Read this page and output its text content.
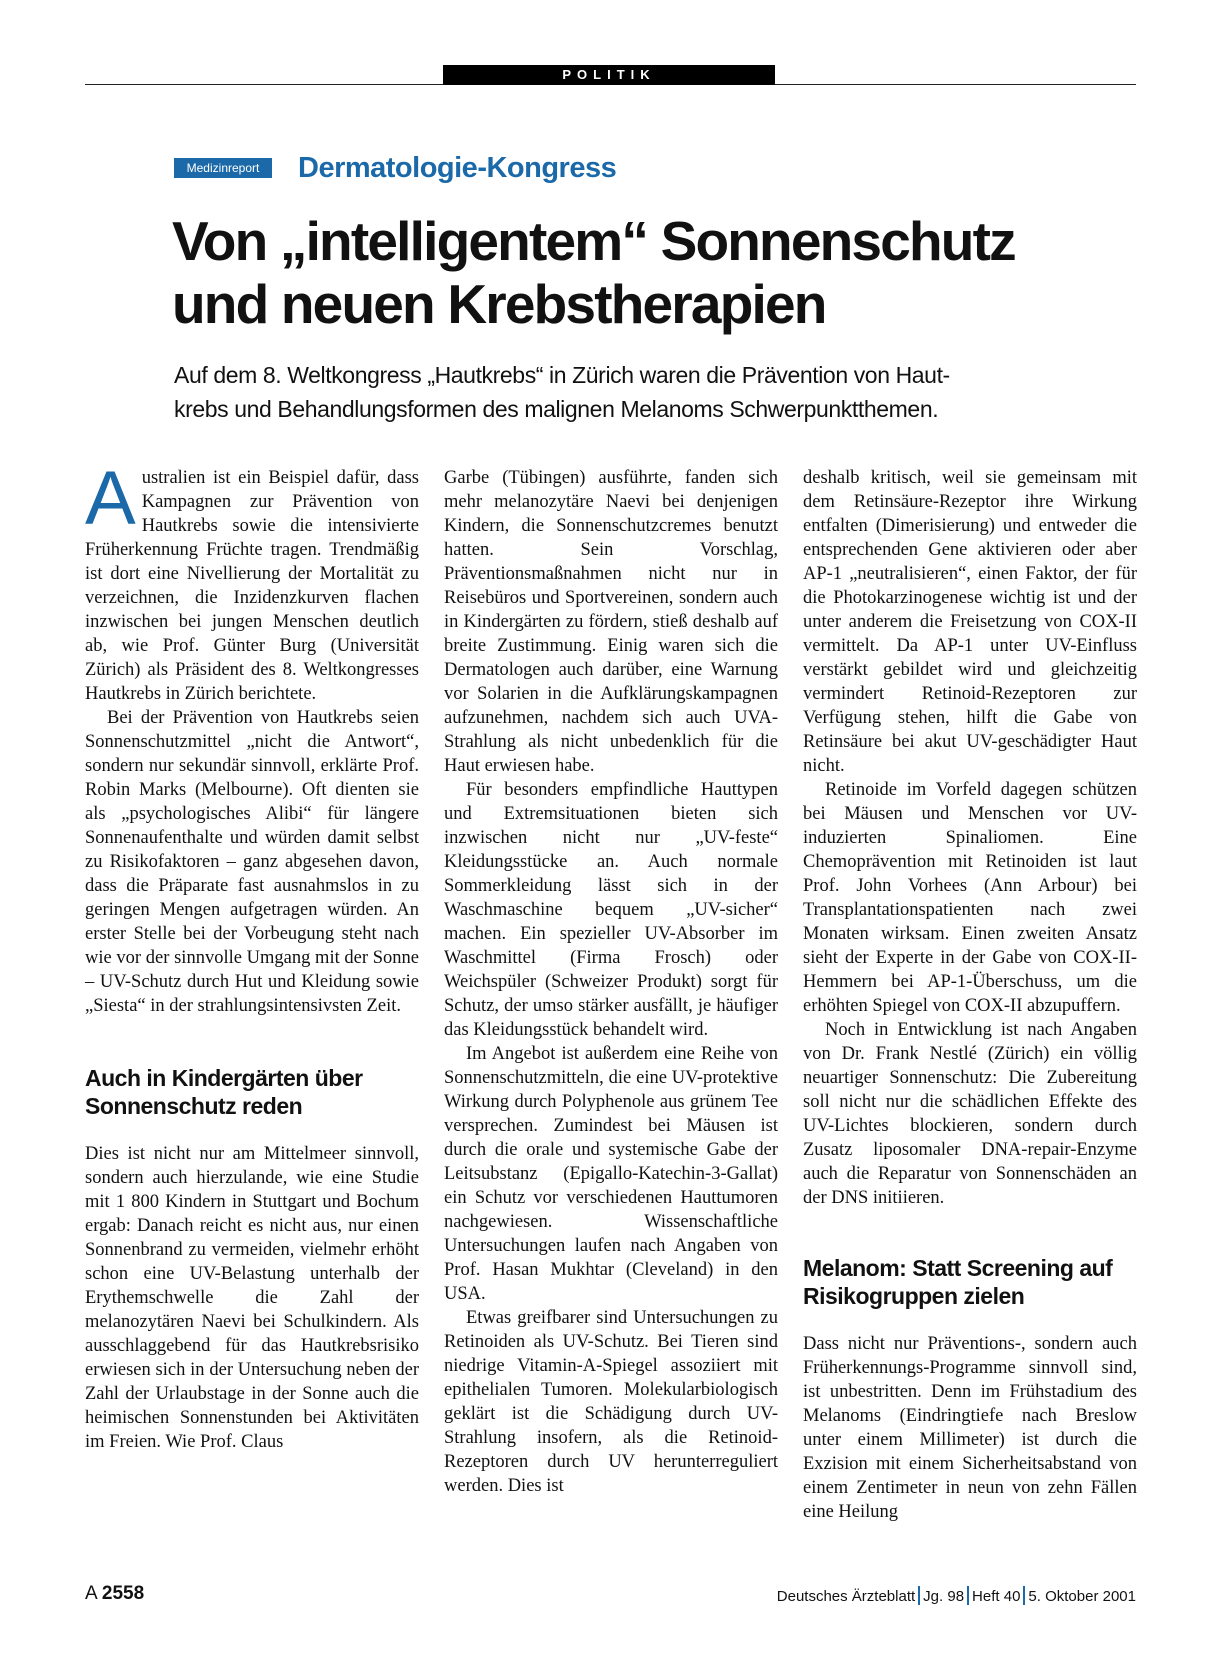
POLITIK
Medizinreport	Dermatologie-Kongress
Von „intelligentem“ Sonnenschutz
und neuen Krebstherapien

Auf dem 8. Weltkongress „Hautkrebs“ in Zürich waren die Prävention von Haut-
krebs und Behandlungsformen des malignen Melanoms Schwerpunktthemen.

Australien ist ein Beispiel dafür, dass Kampagnen zur Prävention von Hautkrebs sowie die intensivierte Früherkennung Früchte tragen. Trendmäßig ist dort eine Nivellierung der Mortalität zu verzeichnen, die Inzidenzkurven flachen inzwischen bei jungen Menschen deutlich ab, wie Prof. Günter Burg (Universität Zürich) als Präsident des 8. Weltkongresses Hautkrebs in Zürich berichtete.

Bei der Prävention von Hautkrebs seien Sonnenschutzmittel „nicht die Antwort“, sondern nur sekundär sinnvoll, erklärte Prof. Robin Marks (Melbourne). Oft dienten sie als „psychologisches Alibi“ für längere Sonnenaufenthalte und würden damit selbst zu Risikofaktoren – ganz abgesehen davon, dass die Präparate fast ausnahmslos in zu geringen Mengen aufgetragen würden. An erster Stelle bei der Vorbeugung steht nach wie vor der sinnvolle Umgang mit der Sonne – UV-Schutz durch Hut und Kleidung sowie „Siesta“ in der strahlungsintensivsten Zeit.

Auch in Kindergärten über Sonnenschutz reden

Dies ist nicht nur am Mittelmeer sinnvoll, sondern auch hierzulande, wie eine Studie mit 1 800 Kindern in Stuttgart und Bochum ergab: Danach reicht es nicht aus, nur einen Sonnenbrand zu vermeiden, vielmehr erhöht schon eine UV-Belastung unterhalb der Erythemschwelle die Zahl der melanozytären Naevi bei Schulkindern. Als ausschlaggebend für das Hautkrebsrisiko erwiesen sich in der Untersuchung neben der Zahl der Urlaubstage in der Sonne auch die heimischen Sonnenstunden bei Aktivitäten im Freien. Wie Prof. Claus

Garbe (Tübingen) ausführte, fanden sich mehr melanozytäre Naevi bei denjenigen Kindern, die Sonnenschutzcremes benutzt hatten. Sein Vorschlag, Präventionsmaßnahmen nicht nur in Reisebüros und Sportvereinen, sondern auch in Kindergärten zu fördern, stieß deshalb auf breite Zustimmung. Einig waren sich die Dermatologen auch darüber, eine Warnung vor Solarien in die Aufklärungskampagnen aufzunehmen, nachdem sich auch UVA-Strahlung als nicht unbedenklich für die Haut erwiesen habe.

Für besonders empfindliche Hauttypen und Extremsituationen bieten sich inzwischen nicht nur „UV-feste“ Kleidungsstücke an. Auch normale Sommerkleidung lässt sich in der Waschmaschine bequem „UV-sicher“ machen. Ein spezieller UV-Absorber im Waschmittel (Firma Frosch) oder Weichspüler (Schweizer Produkt) sorgt für Schutz, der umso stärker ausfällt, je häufiger das Kleidungsstück behandelt wird.

Im Angebot ist außerdem eine Reihe von Sonnenschutzmitteln, die eine UV-protektive Wirkung durch Polyphenole aus grünem Tee versprechen. Zumindest bei Mäusen ist durch die orale und systemische Gabe der Leitsubstanz (Epigallo-Katechin-3-Gallat) ein Schutz vor verschiedenen Hauttumoren nachgewiesen. Wissenschaftliche Untersuchungen laufen nach Angaben von Prof. Hasan Mukhtar (Cleveland) in den USA.

Etwas greifbarer sind Untersuchungen zu Retinoiden als UV-Schutz. Bei Tieren sind niedrige Vitamin-A-Spiegel assoziiert mit epithelialen Tumoren. Molekularbiologisch geklärt ist die Schädigung durch UV-Strahlung insofern, als die Retinoid-Rezeptoren durch UV herunterreguliert werden. Dies ist

deshalb kritisch, weil sie gemeinsam mit dem Retinsäure-Rezeptor ihre Wirkung entfalten (Dimerisierung) und entweder die entsprechenden Gene aktivieren oder aber AP-1 „neutralisieren“, einen Faktor, der für die Photokarzinogenese wichtig ist und der unter anderem die Freisetzung von COX-II vermittelt. Da AP-1 unter UV-Einfluss verstärkt gebildet wird und gleichzeitig vermindert Retinoid-Rezeptoren zur Verfügung stehen, hilft die Gabe von Retinsäure bei akut UV-geschädigter Haut nicht.

Retinoide im Vorfeld dagegen schützen bei Mäusen und Menschen vor UV-induzierten Spinaliomen. Eine Chemoprävention mit Retinoiden ist laut Prof. John Vorhees (Ann Arbour) bei Transplantationspatienten nach zwei Monaten wirksam. Einen zweiten Ansatz sieht der Experte in der Gabe von COX-II-Hemmern bei AP-1-Überschuss, um die erhöhten Spiegel von COX-II abzupuffern.

Noch in Entwicklung ist nach Angaben von Dr. Frank Nestlé (Zürich) ein völlig neuartiger Sonnenschutz: Die Zubereitung soll nicht nur die schädlichen Effekte des UV-Lichtes blockieren, sondern durch Zusatz liposomaler DNA-repair-Enzyme auch die Reparatur von Sonnenschäden an der DNS initiieren.

Melanom: Statt Screening auf Risikogruppen zielen

Dass nicht nur Präventions-, sondern auch Früherkennungs-Programme sinnvoll sind, ist unbestritten. Denn im Frühstadium des Melanoms (Eindringtiefe nach Breslow unter einem Millimeter) ist durch die Exzision mit einem Sicherheitsabstand von einem Zentimeter in neun von zehn Fällen eine Heilung

A 2558	Deutsches Ärzteblatt Jg. 98 Heft 40 5. Oktober 2001
